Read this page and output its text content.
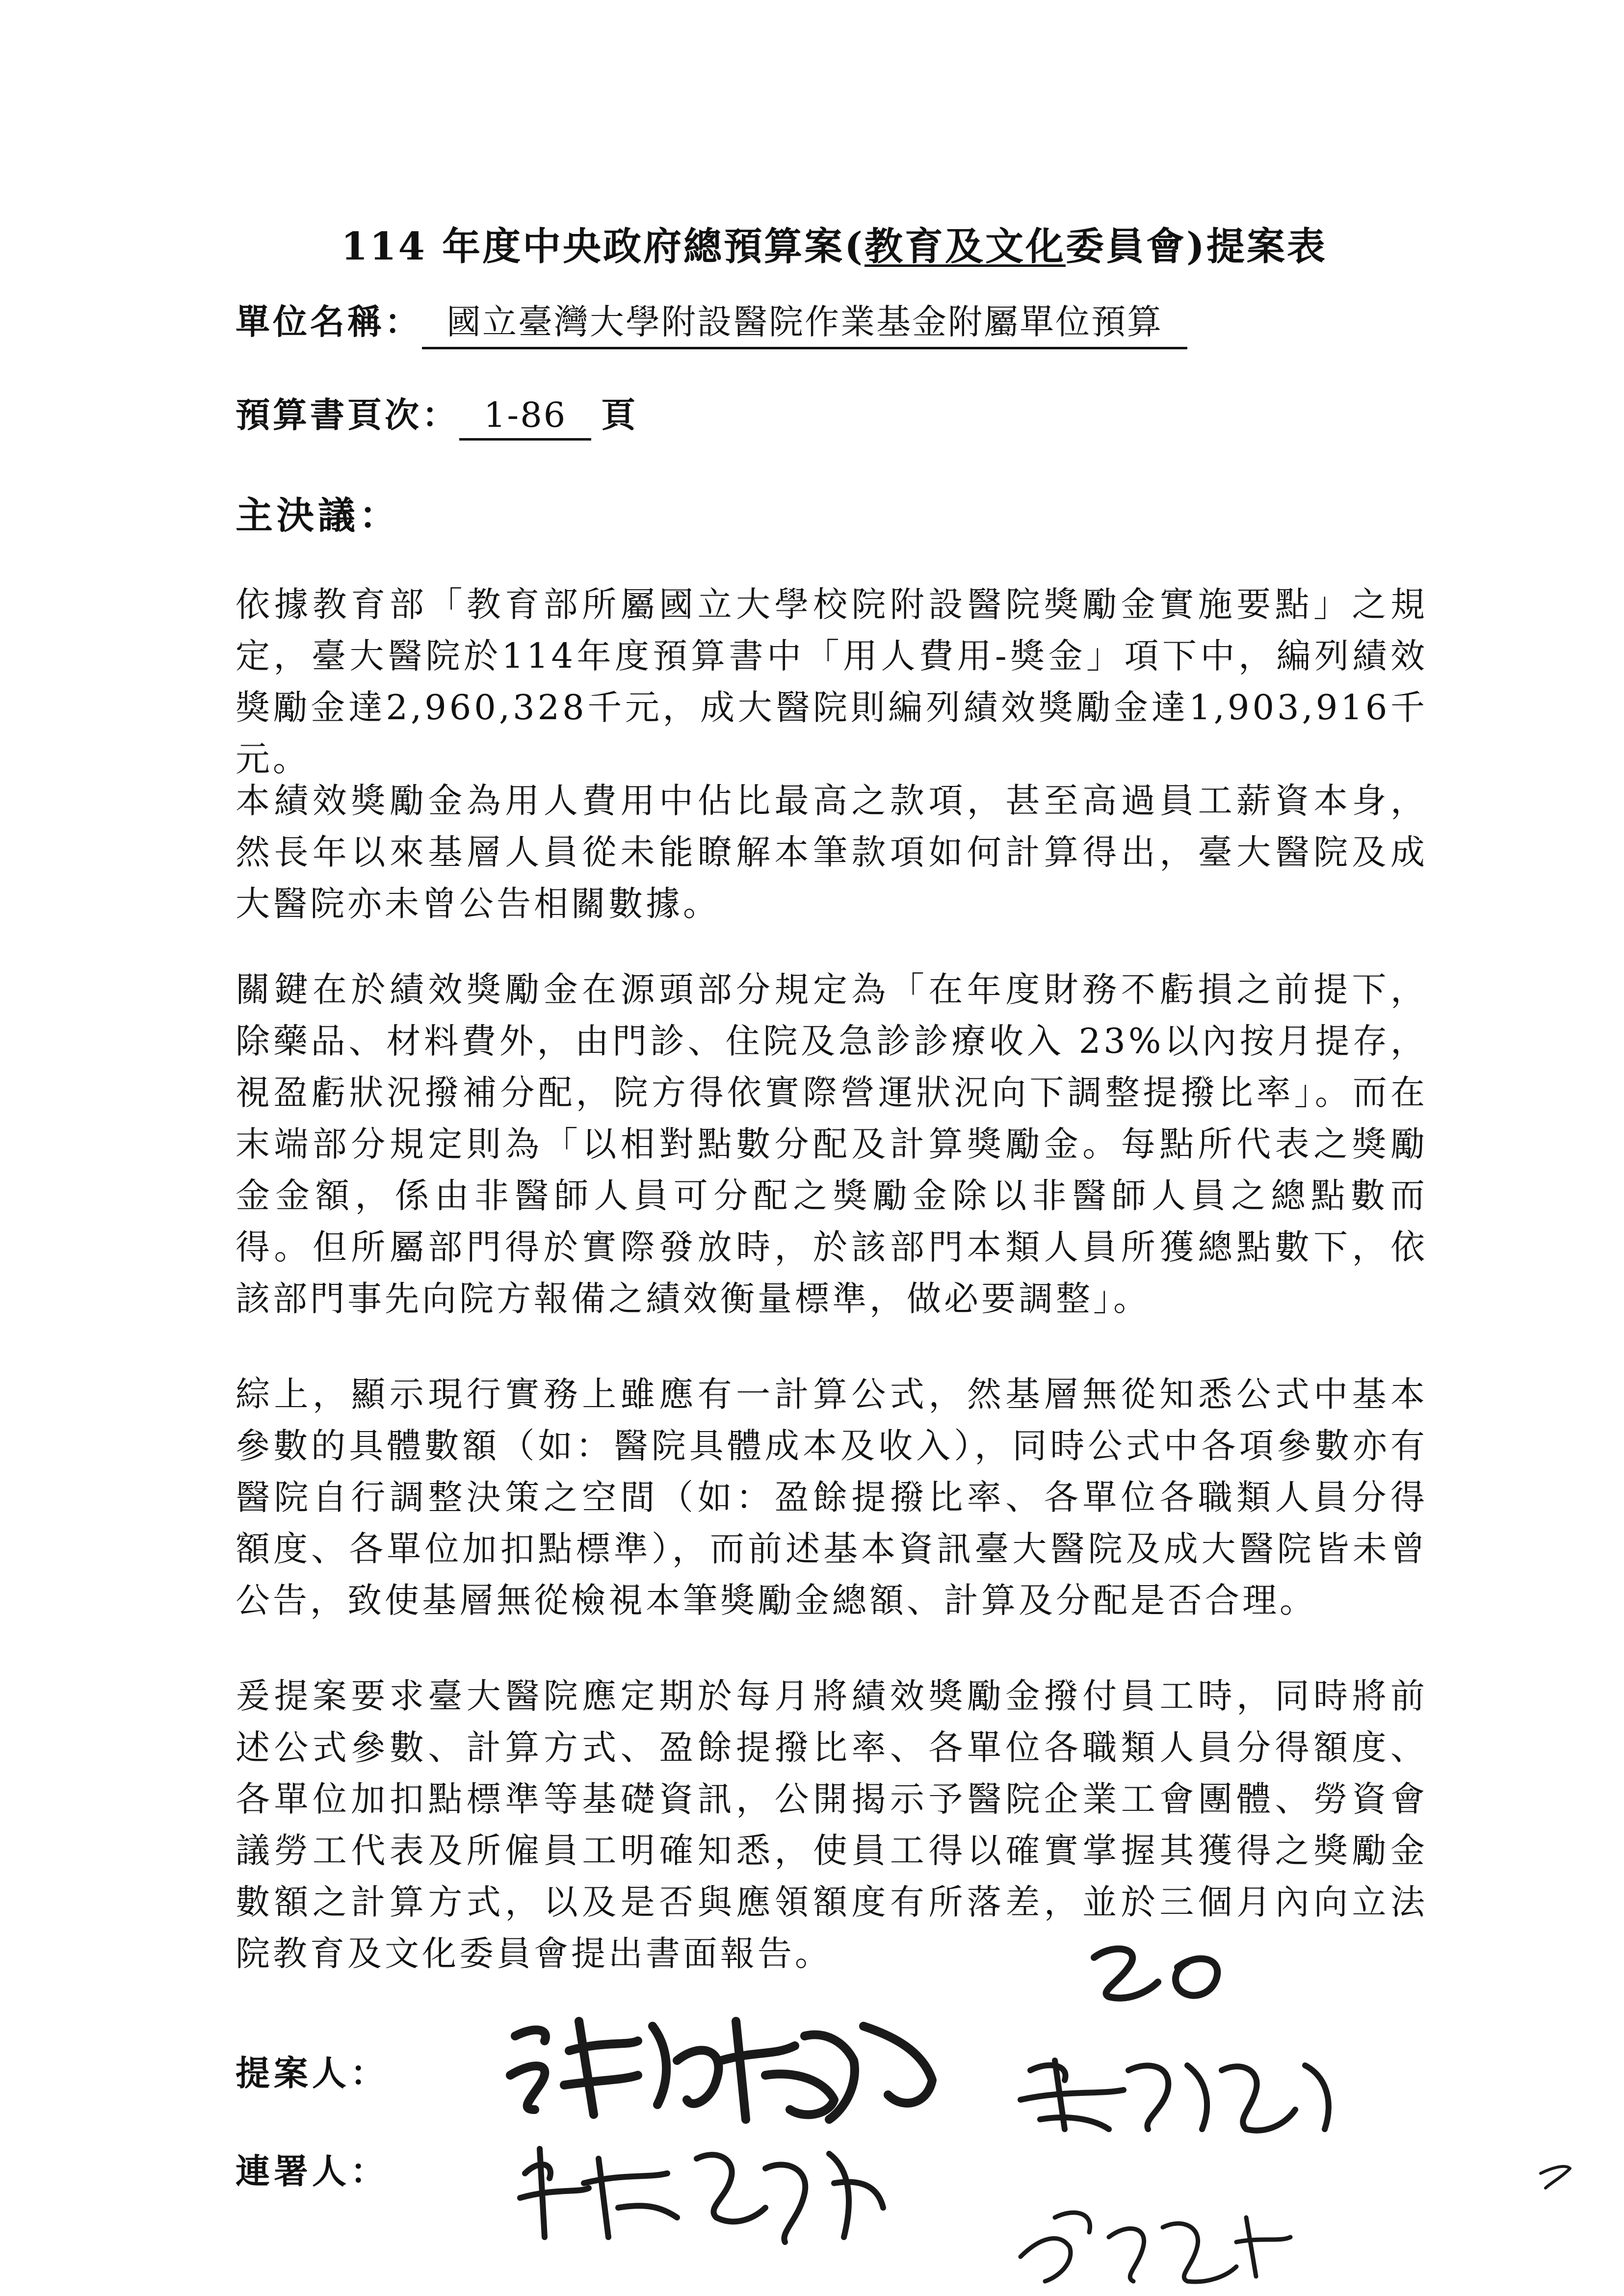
114 年度中央政府總預算案(教育及文化委員會)提案表
單位名稱： 國立臺灣大學附設醫院作業基金附屬單位預算
預算書頁次： 1-86 頁
主決議：

依據教育部「教育部所屬國立大學校院附設醫院獎勵金實施要點」之規定，臺大醫院於114年度預算書中「用人費用-獎金」項下中，編列績效獎勵金達2,960,328千元，成大醫院則編列績效獎勵金達1,903,916千元。

本績效獎勵金為用人費用中佔比最高之款項，甚至高過員工薪資本身，然長年以來基層人員從未能瞭解本筆款項如何計算得出，臺大醫院及成大醫院亦未曾公告相關數據。

關鍵在於績效獎勵金在源頭部分規定為「在年度財務不虧損之前提下，除藥品、材料費外，由門診、住院及急診診療收入 23%以內按月提存，視盈虧狀況撥補分配，院方得依實際營運狀況向下調整提撥比率」。而在末端部分規定則為「以相對點數分配及計算獎勵金。每點所代表之獎勵金金額，係由非醫師人員可分配之獎勵金除以非醫師人員之總點數而得。但所屬部門得於實際發放時，於該部門本類人員所獲總點數下，依該部門事先向院方報備之績效衡量標準，做必要調整」。

綜上，顯示現行實務上雖應有一計算公式，然基層無從知悉公式中基本參數的具體數額（如：醫院具體成本及收入），同時公式中各項參數亦有醫院自行調整決策之空間（如：盈餘提撥比率、各單位各職類人員分得額度、各單位加扣點標準），而前述基本資訊臺大醫院及成大醫院皆未曾公告，致使基層無從檢視本筆獎勵金總額、計算及分配是否合理。

爰提案要求臺大醫院應定期於每月將績效獎勵金撥付員工時，同時將前述公式參數、計算方式、盈餘提撥比率、各單位各職類人員分得額度、各單位加扣點標準等基礎資訊，公開揭示予醫院企業工會團體、勞資會議勞工代表及所僱員工明確知悉，使員工得以確實掌握其獲得之獎勵金數額之計算方式，以及是否與應領額度有所落差，並於三個月內向立法院教育及文化委員會提出書面報告。

提案人：
連署人：
